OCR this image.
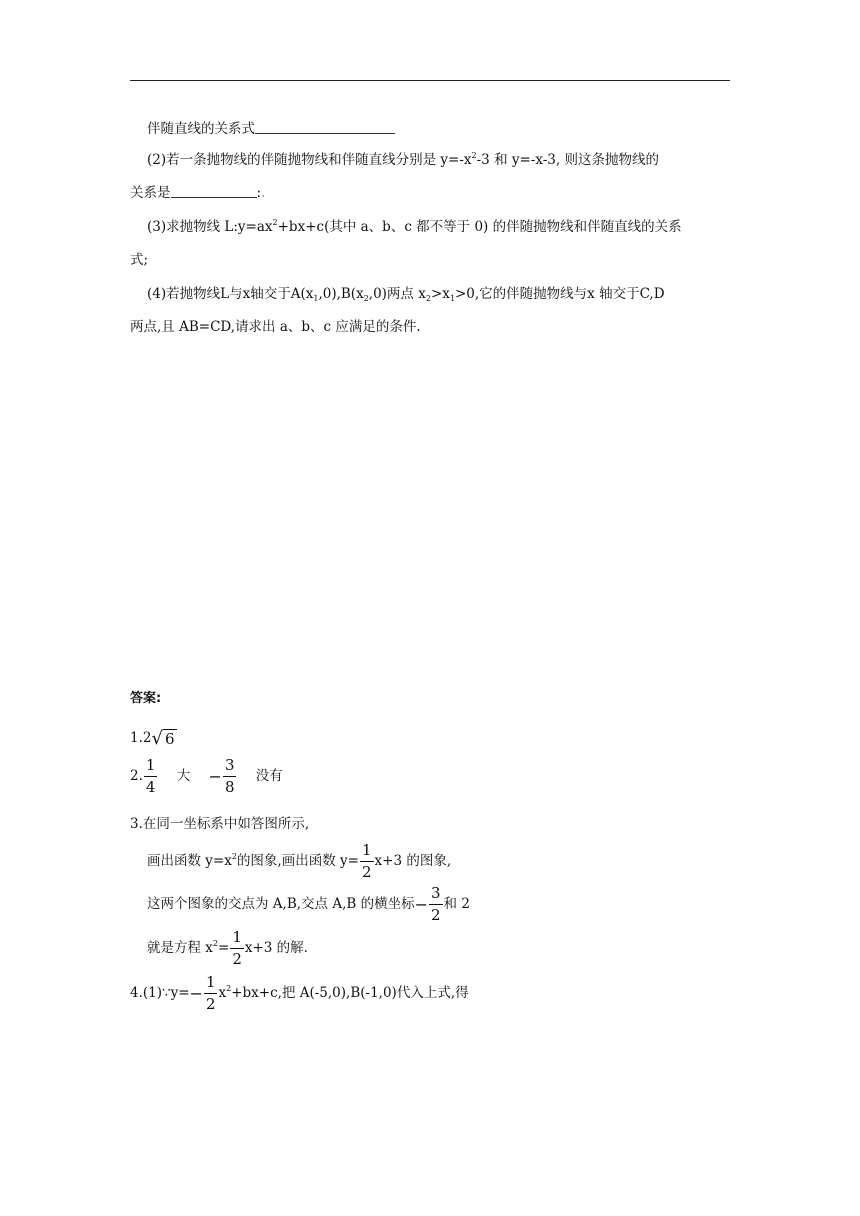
伴随直线的关系式
(2)若一条抛物线的伴随抛物线和伴随直线分别是 $y=-x^2-3$ 和 y=-x-3, 则这条抛物线的
关系是	:.
(3)求抛物线 $L:y=ax^2+bx+c$(其中 a、b、c 都不等于 0) 的伴随抛物线和伴随直线的关系
式;
(4)若抛物线L与x轴交于$A(x_1,0),B(x_2,0)$两点 $x_2>x_1>0$,它的伴随抛物线与x 轴交于C,D
两点,且 AB=CD,请求出 a、b、c 应满足的条件.
答案:
1.2√ 6
2. $\frac{1}{4}$ 大 − $\frac{3}{8}$ 没有
3.在同一坐标系中如答图所示,
画出函数 $y=x^2$的图象,画出函数 $y= \frac{1}{2} x+3$ 的图象,
这两个图象的交点为 A,B,交点 A,B 的横坐标− $\frac{3}{2}$ 和 2
就是方程 $x^2= \frac{1}{2} x+3$ 的解.
4.(1)∵y=− $\frac{1}{2} x^2+bx+c$,把 A(-5,0),B(-1,0)代入上式,得
